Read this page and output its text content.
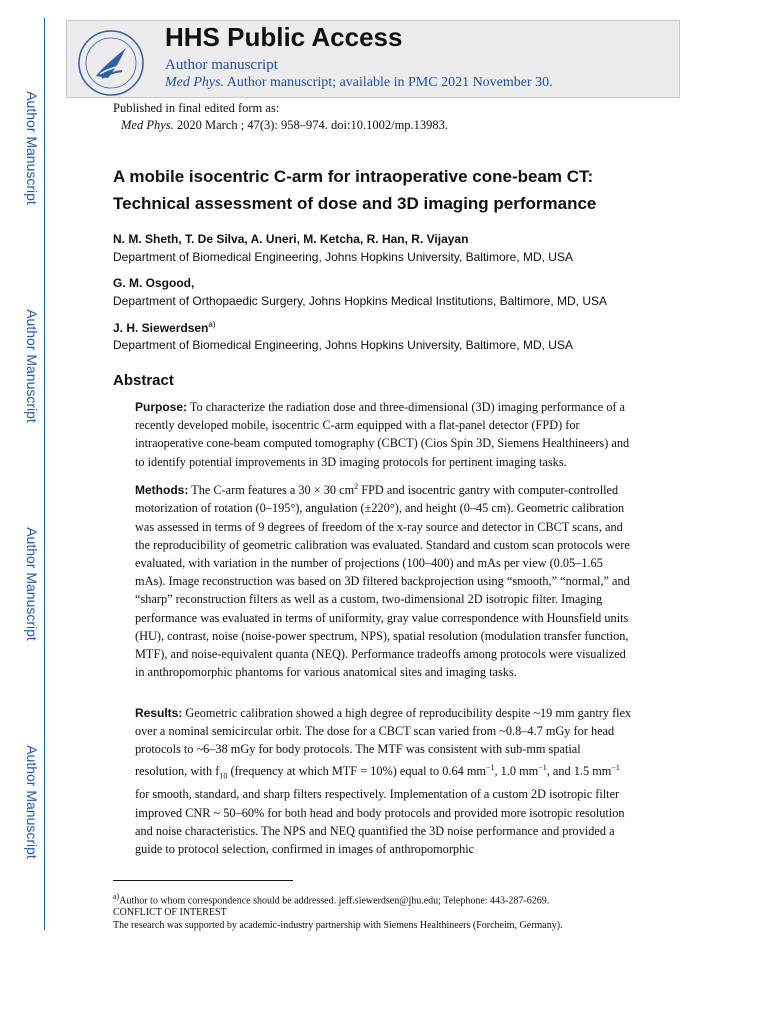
Author Manuscript
Author Manuscript
Author Manuscript
Author Manuscript
HHS Public Access
Author manuscript
Med Phys. Author manuscript; available in PMC 2021 November 30.
Published in final edited form as:
Med Phys. 2020 March ; 47(3): 958–974. doi:10.1002/mp.13983.
A mobile isocentric C-arm for intraoperative cone-beam CT: Technical assessment of dose and 3D imaging performance
N. M. Sheth, T. De Silva, A. Uneri, M. Ketcha, R. Han, R. Vijayan
Department of Biomedical Engineering, Johns Hopkins University, Baltimore, MD, USA
G. M. Osgood,
Department of Orthopaedic Surgery, Johns Hopkins Medical Institutions, Baltimore, MD, USA
J. H. Siewerdsen$^{a)}$
Department of Biomedical Engineering, Johns Hopkins University, Baltimore, MD, USA
Abstract
Purpose: To characterize the radiation dose and three-dimensional (3D) imaging performance of a recently developed mobile, isocentric C-arm equipped with a flat-panel detector (FPD) for intraoperative cone-beam computed tomography (CBCT) (Cios Spin 3D, Siemens Healthineers) and to identify potential improvements in 3D imaging protocols for pertinent imaging tasks.
Methods: The C-arm features a 30 × 30 $cm^2$ FPD and isocentric gantry with computer-controlled motorization of rotation (0–195°), angulation (±220°), and height (0–45 cm). Geometric calibration was assessed in terms of 9 degrees of freedom of the x-ray source and detector in CBCT scans, and the reproducibility of geometric calibration was evaluated. Standard and custom scan protocols were evaluated, with variation in the number of projections (100–400) and mAs per view (0.05–1.65 mAs). Image reconstruction was based on 3D filtered backprojection using “smooth,” “normal,” and “sharp” reconstruction filters as well as a custom, two-dimensional 2D isotropic filter. Imaging performance was evaluated in terms of uniformity, gray value correspondence with Hounsfield units (HU), contrast, noise (noise-power spectrum, NPS), spatial resolution (modulation transfer function, MTF), and noise-equivalent quanta (NEQ). Performance tradeoffs among protocols were visualized in anthropomorphic phantoms for various anatomical sites and imaging tasks.
Results: Geometric calibration showed a high degree of reproducibility despite ~19 mm gantry flex over a nominal semicircular orbit. The dose for a CBCT scan varied from ~0.8–4.7 mGy for head protocols to ~6–38 mGy for body protocols. The MTF was consistent with sub-mm spatial resolution, with $f_{10}$ (frequency at which MTF = 10%) equal to 0.64 $mm^{-1}$, 1.0 $mm^{-1}$, and 1.5 $mm^{-1}$ for smooth, standard, and sharp filters respectively. Implementation of a custom 2D isotropic filter improved CNR ~ 50–60% for both head and body protocols and provided more isotropic resolution and noise characteristics. The NPS and NEQ quantified the 3D noise performance and provided a guide to protocol selection, confirmed in images of anthropomorphic
$^{a)}$Author to whom correspondence should be addressed. jeff.siewerdsen@jhu.edu; Telephone: 443-287-6269.
CONFLICT OF INTEREST
The research was supported by academic-industry partnership with Siemens Healthineers (Forcheim, Germany).
